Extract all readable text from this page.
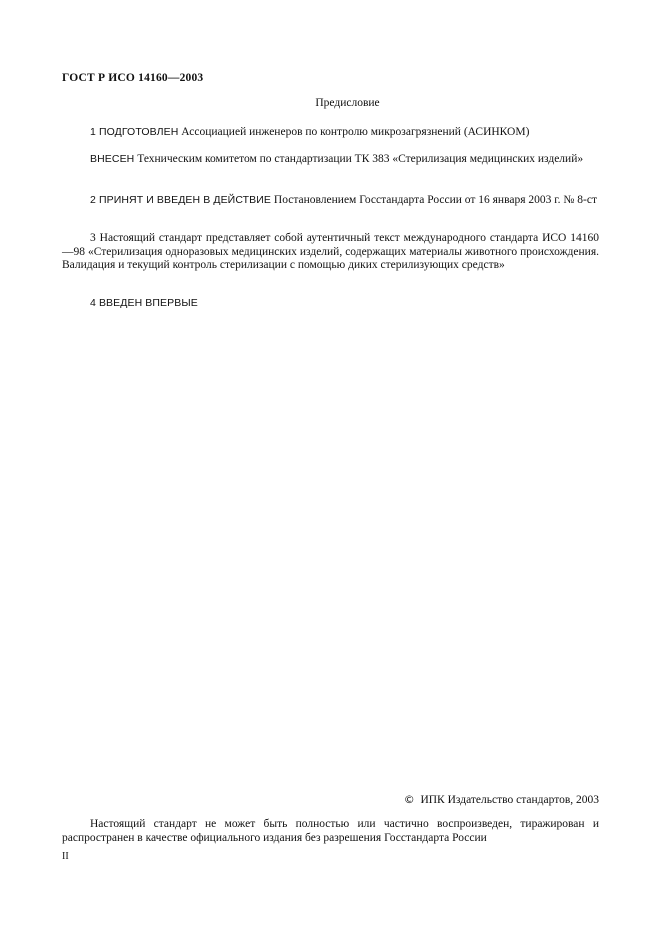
ГОСТ Р ИСО 14160—2003
Предисловие
1 ПОДГОТОВЛЕН Ассоциацией инженеров по контролю микрозагрязнений (АСИНКОМ)
ВНЕСЕН Техническим комитетом по стандартизации ТК 383 «Стерилизация медицинских изделий»
2 ПРИНЯТ И ВВЕДЕН В ДЕЙСТВИЕ Постановлением Госстандарта России от 16 января 2003 г. № 8-ст
3 Настоящий стандарт представляет собой аутентичный текст международного стандарта ИСО 14160—98 «Стерилизация одноразовых медицинских изделий, содержащих материалы животного происхождения. Валидация и текущий контроль стерилизации с помощью диких стерилизующих средств»
4 ВВЕДЕН ВПЕРВЫЕ
© ИПК Издательство стандартов, 2003
Настоящий стандарт не может быть полностью или частично воспроизведен, тиражирован и распространен в качестве официального издания без разрешения Госстандарта России
II
